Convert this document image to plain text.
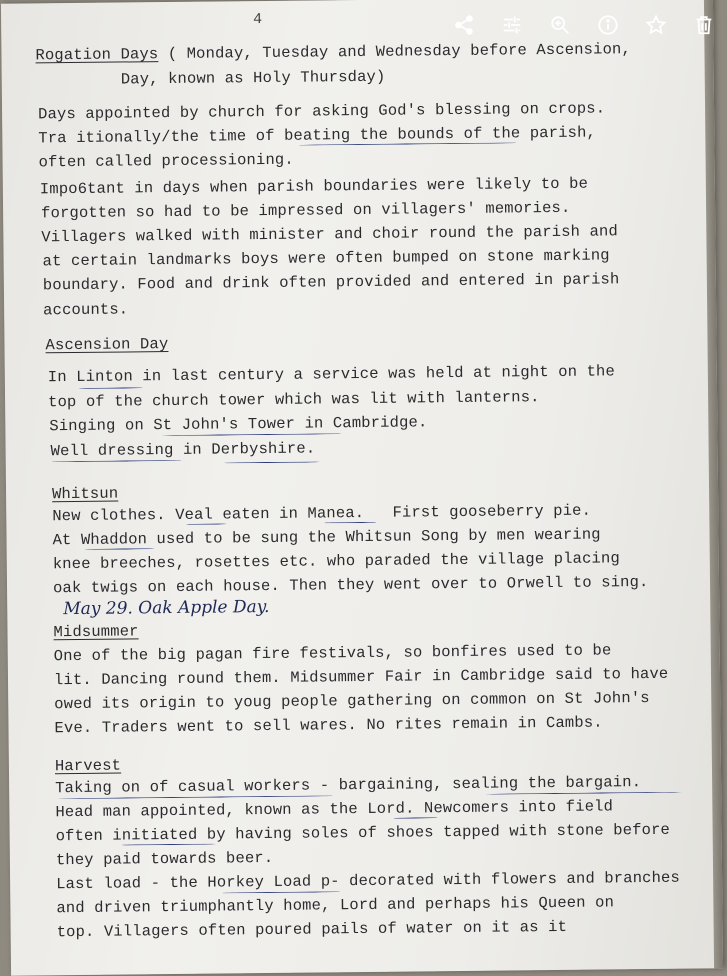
4
Rogation Days ( Monday, Tuesday and Wednesday before Ascension,
Day, known as Holy Thursday)
Days appointed by church for asking God's blessing on crops.
Tra itionally/the time of beating the bounds of the parish,
often called processioning.
Impo6tant in days when parish boundaries were likely to be
forgotten so had to be impressed on villagers' memories.
Villagers walked with minister and choir round the parish and
at certain landmarks boys were often bumped on stone marking
boundary. Food and drink often provided and entered in parish
accounts.
Ascension Day
In Linton in last century a service was held at night on the
top of the church tower which was lit with lanterns.
Singing on St John's Tower in Cambridge.
Well dressing in Derbyshire.
Whitsun
New clothes. Veal eaten in Manea.   First gooseberry pie.
At Whaddon used to be sung the Whitsun Song by men wearing
knee breeches, rosettes etc. who paraded the village placing
oak twigs on each house. Then they went over to Orwell to sing.
May 29. Oak Apple Day.
Midsummer
One of the big pagan fire festivals, so bonfires used to be
lit. Dancing round them. Midsummer Fair in Cambridge said to have
owed its origin to youg people gathering on common on St John's
Eve. Traders went to sell wares. No rites remain in Cambs.
Harvest
Taking on of casual workers - bargaining, sealing the bargain.
Head man appointed, known as the Lord. Newcomers into field
often initiated by having soles of shoes tapped with stone before
they paid towards beer.
Last load - the Horkey Load p- decorated with flowers and branches
and driven triumphantly home, Lord and perhaps his Queen on
top. Villagers often poured pails of water on it as it
